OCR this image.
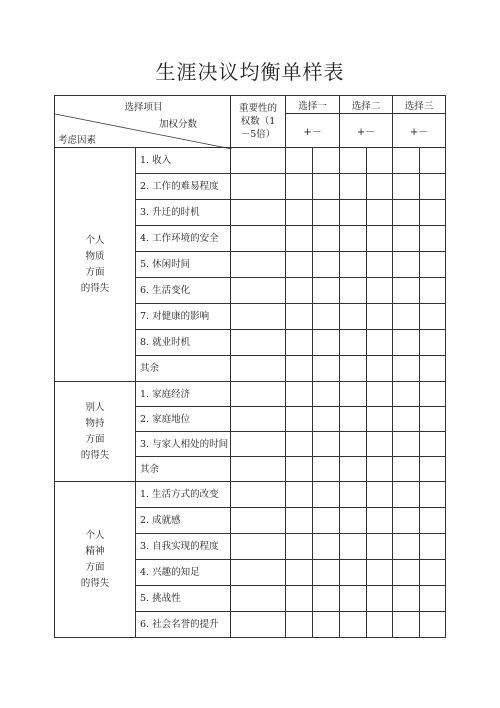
生涯决议均衡单样表
选择项目
加权分数
考虑因素		重要性的权数（1－5倍）	选择一		选择二		选择三	
			+－		+－		+－	

个人
物质
方面
的得失	1. 收入							
	2. 工作的难易程度							
	3. 升迁的时机							
	4. 工作环境的安全							
	5. 休闲时间							
	6. 生活变化							
	7. 对健康的影响							
	8. 就业时机							
	其余							

别人
物持
方面
的得失	1. 家庭经济							
	2. 家庭地位							
	3. 与家人相处的时间							
	其余							

个人
精神
方面
的得失	1. 生活方式的改变							
	2. 成就感							
	3. 自我实现的程度							
	4. 兴趣的知足							
	5. 挑战性							
	6. 社会名誉的提升							
